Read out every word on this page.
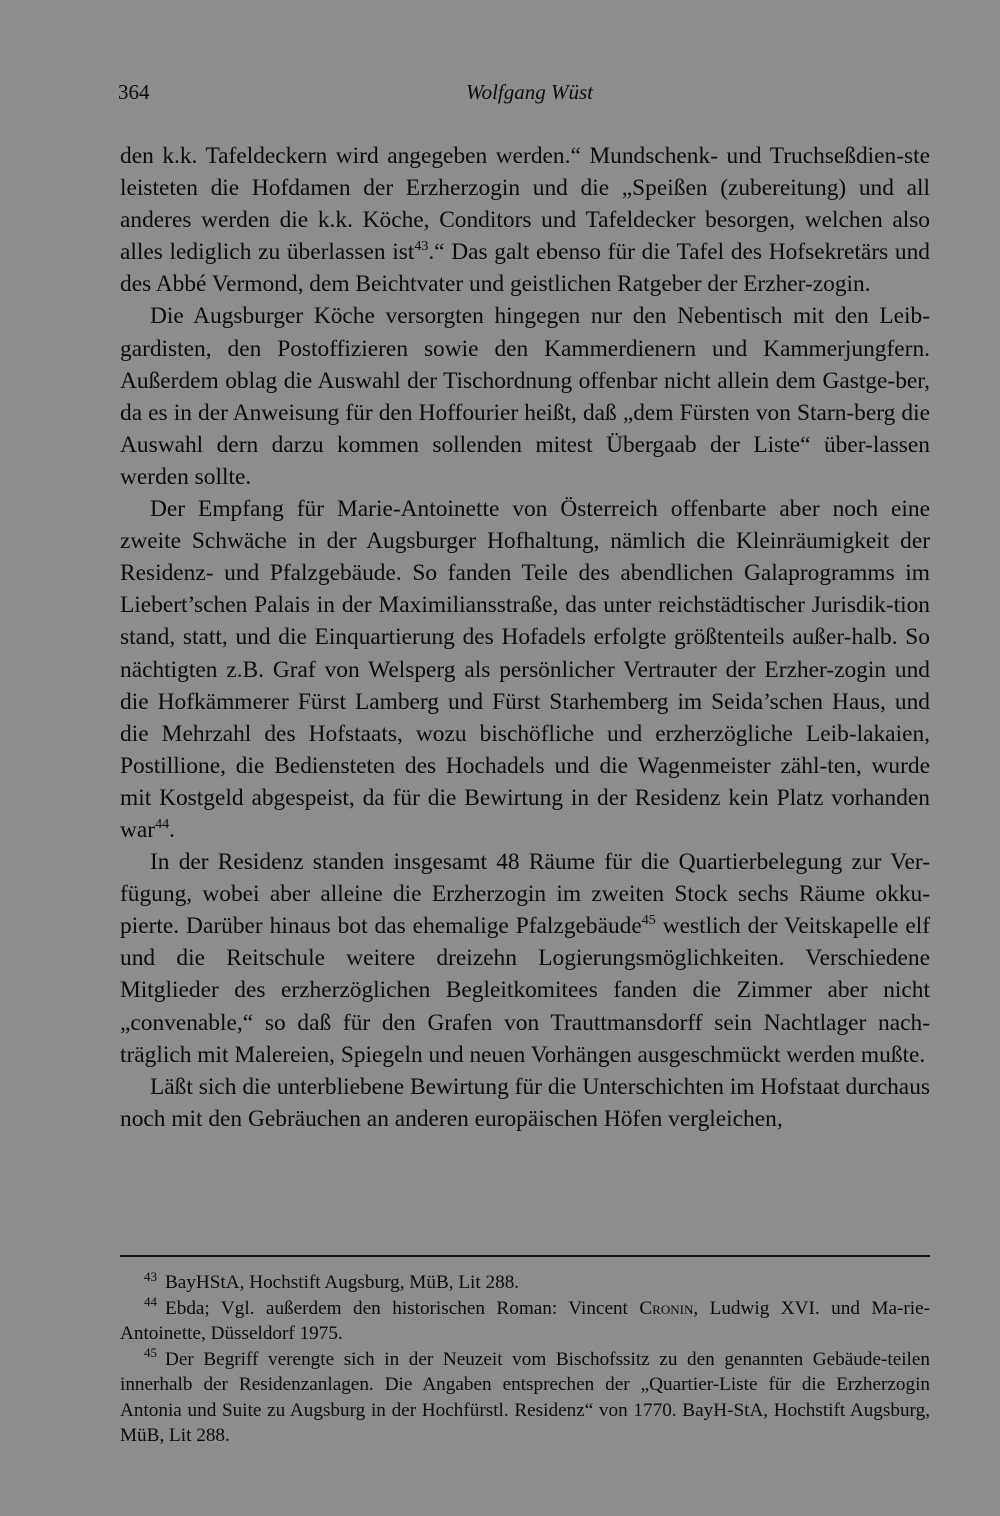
364	Wolfgang Wüst

den k.k. Tafeldeckern wird angegeben werden.“ Mundschenk- und Truchseßdien-ste leisteten die Hofdamen der Erzherzogin und die „Speißen (zubereitung) und all anderes werden die k.k. Köche, Conditors und Tafeldecker besorgen, welchen also alles lediglich zu überlassen ist$^{43}$.“ Das galt ebenso für die Tafel des Hofsekretärs und des Abbé Vermond, dem Beichtvater und geistlichen Ratgeber der Erzher-zogin.

Die Augsburger Köche versorgten hingegen nur den Nebentisch mit den Leib-gardisten, den Postoffizieren sowie den Kammerdienern und Kammerjungfern. Außerdem oblag die Auswahl der Tischordnung offenbar nicht allein dem Gastge-ber, da es in der Anweisung für den Hoffourier heißt, daß „dem Fürsten von Starn-berg die Auswahl dern darzu kommen sollenden mitest Übergaab der Liste“ über-lassen werden sollte.

Der Empfang für Marie-Antoinette von Österreich offenbarte aber noch eine zweite Schwäche in der Augsburger Hofhaltung, nämlich die Kleinräumigkeit der Residenz- und Pfalzgebäude. So fanden Teile des abendlichen Galaprogramms im Liebert’schen Palais in der Maximiliansstraße, das unter reichstädtischer Jurisdik-tion stand, statt, und die Einquartierung des Hofadels erfolgte größtenteils außer-halb. So nächtigten z.B. Graf von Welsperg als persönlicher Vertrauter der Erzher-zogin und die Hofkämmerer Fürst Lamberg und Fürst Starhemberg im Seida’schen Haus, und die Mehrzahl des Hofstaats, wozu bischöfliche und erzherzögliche Leib-lakaien, Postillione, die Bediensteten des Hochadels und die Wagenmeister zähl-ten, wurde mit Kostgeld abgespeist, da für die Bewirtung in der Residenz kein Platz vorhanden war$^{44}$.

In der Residenz standen insgesamt 48 Räume für die Quartierbelegung zur Ver-fügung, wobei aber alleine die Erzherzogin im zweiten Stock sechs Räume okku-pierte. Darüber hinaus bot das ehemalige Pfalzgebäude$^{45}$ westlich der Veitskapelle elf und die Reitschule weitere dreizehn Logierungsmöglichkeiten. Verschiedene Mitglieder des erzherzöglichen Begleitkomitees fanden die Zimmer aber nicht „convenable,“ so daß für den Grafen von Trauttmansdorff sein Nachtlager nach-träglich mit Malereien, Spiegeln und neuen Vorhängen ausgeschmückt werden mußte.

Läßt sich die unterbliebene Bewirtung für die Unterschichten im Hofstaat durchaus noch mit den Gebräuchen an anderen europäischen Höfen vergleichen,

$^{43}$ BayHStA, Hochstift Augsburg, MüB, Lit 288.

$^{44}$ Ebda; Vgl. außerdem den historischen Roman: Vincent Cronin, Ludwig XVI. und Ma-rie-Antoinette, Düsseldorf 1975.

$^{45}$ Der Begriff verengte sich in der Neuzeit vom Bischofssitz zu den genannten Gebäude-teilen innerhalb der Residenzanlagen. Die Angaben entsprechen der „Quartier-Liste für die Erzherzogin Antonia und Suite zu Augsburg in der Hochfürstl. Residenz“ von 1770. BayH-StA, Hochstift Augsburg, MüB, Lit 288.
